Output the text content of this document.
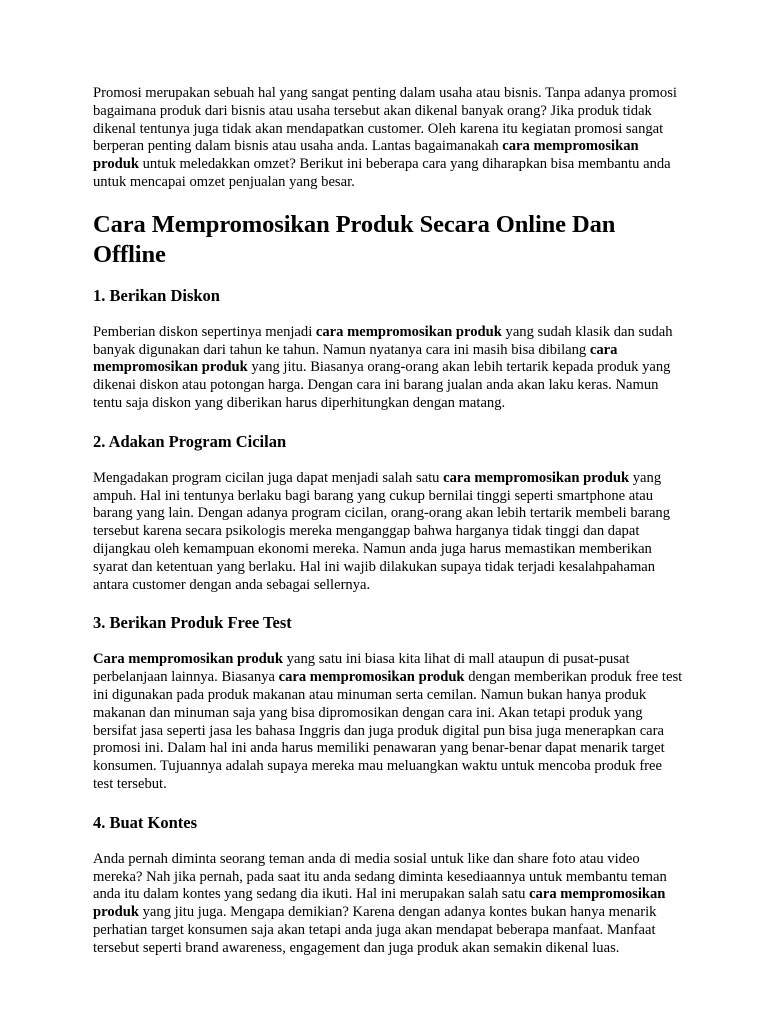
Promosi merupakan sebuah hal yang sangat penting dalam usaha atau bisnis. Tanpa adanya promosi bagaimana produk dari bisnis atau usaha tersebut akan dikenal banyak orang? Jika produk tidak dikenal tentunya juga tidak akan mendapatkan customer. Oleh karena itu kegiatan promosi sangat berperan penting dalam bisnis atau usaha anda. Lantas bagaimanakah cara mempromosikan produk untuk meledakkan omzet? Berikut ini beberapa cara yang diharapkan bisa membantu anda untuk mencapai omzet penjualan yang besar.

Cara Mempromosikan Produk Secara Online Dan Offline
1. Berikan Diskon

Pemberian diskon sepertinya menjadi cara mempromosikan produk yang sudah klasik dan sudah banyak digunakan dari tahun ke tahun. Namun nyatanya cara ini masih bisa dibilang cara mempromosikan produk yang jitu. Biasanya orang-orang akan lebih tertarik kepada produk yang dikenai diskon atau potongan harga. Dengan cara ini barang jualan anda akan laku keras. Namun tentu saja diskon yang diberikan harus diperhitungkan dengan matang.

2. Adakan Program Cicilan

Mengadakan program cicilan juga dapat menjadi salah satu cara mempromosikan produk yang ampuh. Hal ini tentunya berlaku bagi barang yang cukup bernilai tinggi seperti smartphone atau barang yang lain. Dengan adanya program cicilan, orang-orang akan lebih tertarik membeli barang tersebut karena secara psikologis mereka menganggap bahwa harganya tidak tinggi dan dapat dijangkau oleh kemampuan ekonomi mereka. Namun anda juga harus memastikan memberikan syarat dan ketentuan yang berlaku. Hal ini wajib dilakukan supaya tidak terjadi kesalahpahaman antara customer dengan anda sebagai sellernya.

3. Berikan Produk Free Test

Cara mempromosikan produk yang satu ini biasa kita lihat di mall ataupun di pusat-pusat perbelanjaan lainnya. Biasanya cara mempromosikan produk dengan memberikan produk free test ini digunakan pada produk makanan atau minuman serta cemilan. Namun bukan hanya produk makanan dan minuman saja yang bisa dipromosikan dengan cara ini. Akan tetapi produk yang bersifat jasa seperti jasa les bahasa Inggris dan juga produk digital pun bisa juga menerapkan cara promosi ini. Dalam hal ini anda harus memiliki penawaran yang benar-benar dapat menarik target konsumen. Tujuannya adalah supaya mereka mau meluangkan waktu untuk mencoba produk free test tersebut.

4. Buat Kontes

Anda pernah diminta seorang teman anda di media sosial untuk like dan share foto atau video mereka? Nah jika pernah, pada saat itu anda sedang diminta kesediaannya untuk membantu teman anda itu dalam kontes yang sedang dia ikuti. Hal ini merupakan salah satu cara mempromosikan produk yang jitu juga. Mengapa demikian? Karena dengan adanya kontes bukan hanya menarik perhatian target konsumen saja akan tetapi anda juga akan mendapat beberapa manfaat. Manfaat tersebut seperti brand awareness, engagement dan juga produk akan semakin dikenal luas.
